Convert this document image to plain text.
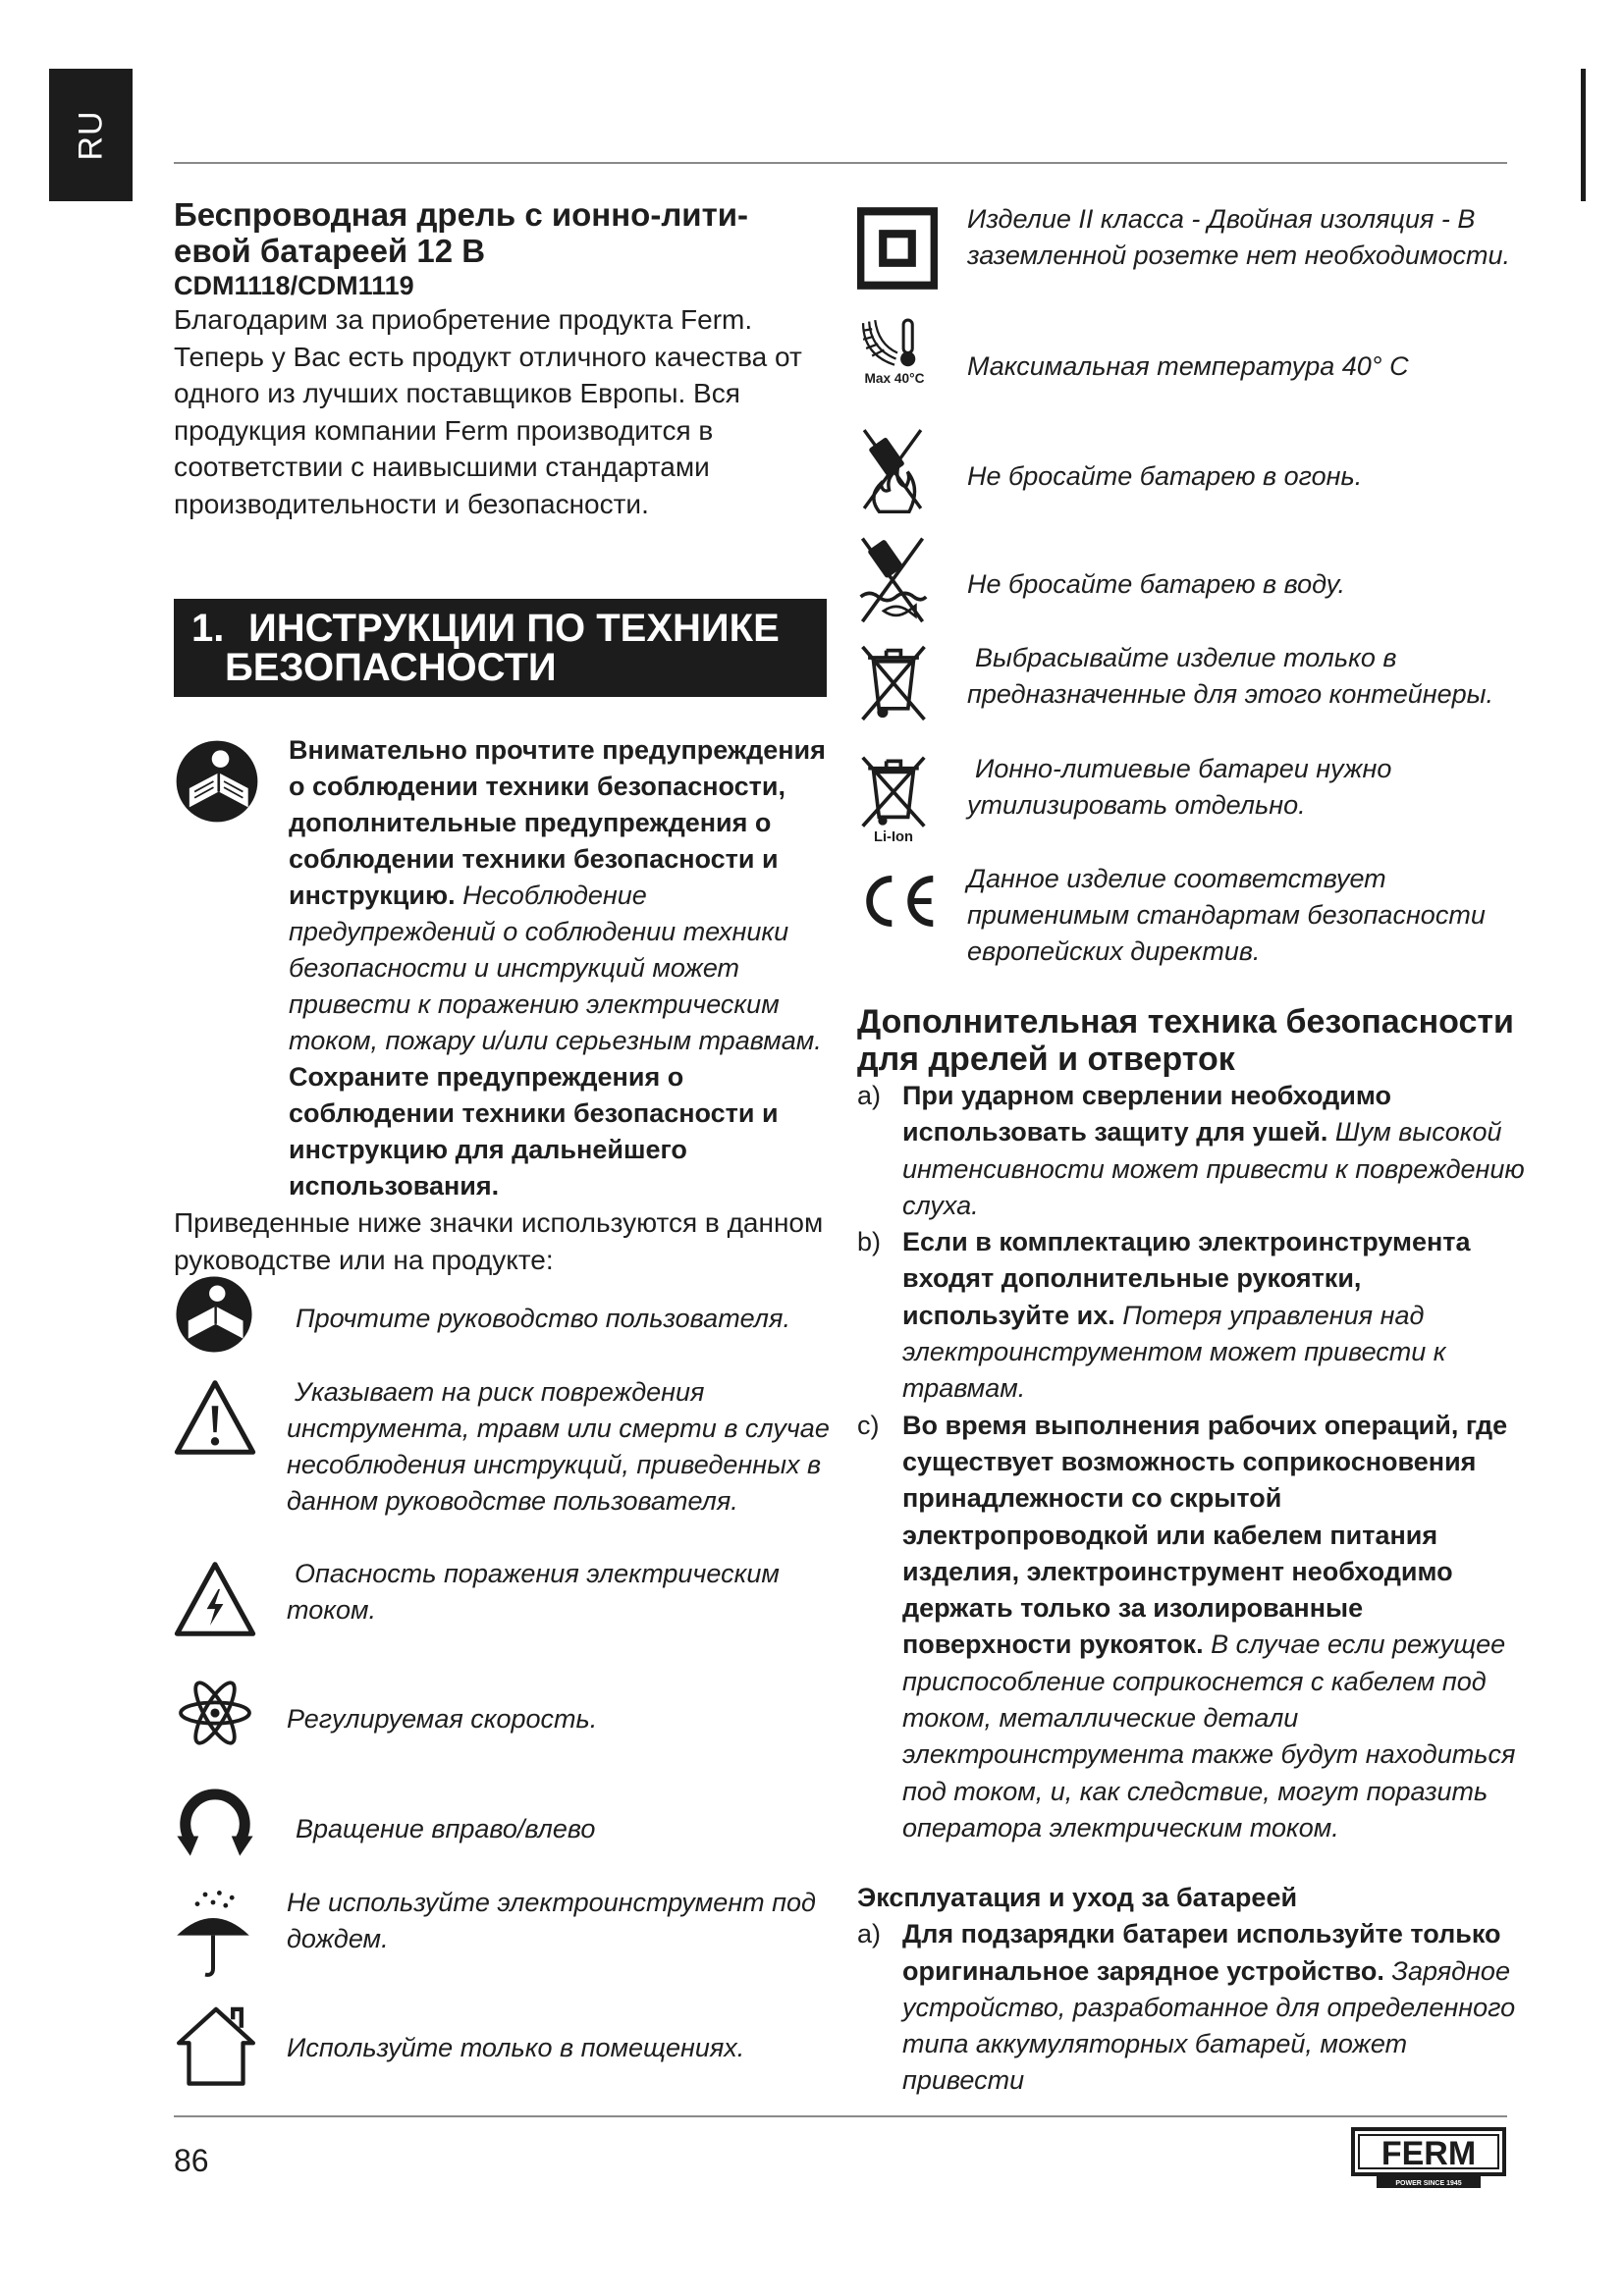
RU
Беспроводная дрель с ионно-лити-
евой батареей 12 В
CDM1118/CDM1119

Благодарим за приобретение продукта Ferm. Теперь у Вас есть продукт отличного качества от одного из лучших поставщиков Европы. Вся продукция компании Ferm производится в соответствии с наивысшими стандартами производительности и безопасности.

1. ИНСТРУКЦИИ ПО ТЕХНИКЕ
БЕЗОПАСНОСТИ
Внимательно прочтите предупреждения о соблюдении техники безопасности, дополнительные предупреждения о соблюдении техники безопасности и инструкцию. Несоблюдение предупреждений о соблюдении техники безопасности и инструкций может привести к поражению электрическим током, пожару и/или серьезным травмам. Сохраните предупреждения о соблюдении техники безопасности и инструкцию для дальнейшего использования.

Приведенные ниже значки используются в данном руководстве или на продукте:

Прочтите руководство пользователя.
Указывает на риск повреждения инструмента, травм или смерти в случае несоблюдения инструкций, приведенных в данном руководстве пользователя.
Опасность поражения электрическим током.
Регулируемая скорость.
Вращение вправо/влево
Не используйте электроинструмент под дождем.
Используйте только в помещениях.
Изделие II класса - Двойная изоляция - В заземленной розетке нет необходимости.
Max 40°C Максимальная температура 40° C
Не бросайте батарею в огонь.
Не бросайте батарею в воду.
Выбрасывайте изделие только в предназначенные для этого контейнеры.
Li-Ion
Ионно-литиевые батареи нужно утилизировать отдельно.
Данное изделие соответствует применимым стандартам безопасности европейских директив.
Дополнительная техника безопасности для дрелей и отверток
a) При ударном сверлении необходимо использовать защиту для ушей. Шум высокой интенсивности может привести к повреждению слуха.
b) Если в комплектацию электроинструмента входят дополнительные рукоятки, используйте их. Потеря управления над электроинструментом может привести к травмам.
c) Во время выполнения рабочих операций, где существует возможность соприкосновения принадлежности со скрытой электропроводкой или кабелем питания изделия, электроинструмент необходимо держать только за изолированные поверхности рукояток. В случае если режущее приспособление соприкоснется с кабелем под током, металлические детали электроинструмента также будут находиться под током, и, как следствие, могут поразить оператора электрическим током.
Эксплуатация и уход за батареей
a) Для подзарядки батареи используйте только оригинальное зарядное устройство. Зарядное устройство, разработанное для определенного типа аккумуляторных батарей, может привести
86	FERM
POWER SINCE 1945
